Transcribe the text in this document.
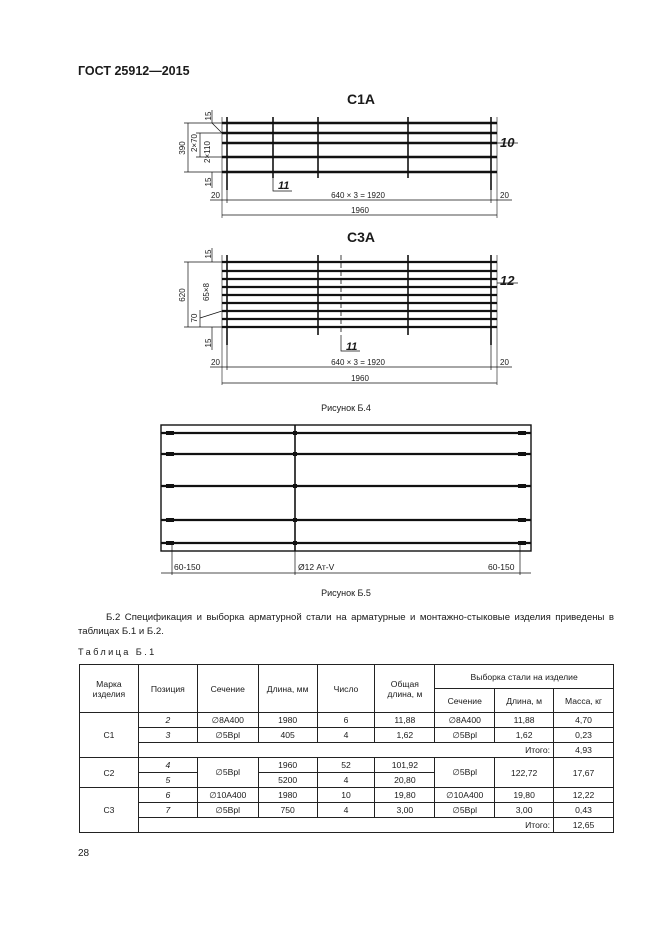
ГОСТ 25912—2015
С1А
15
390 2×70 2×110
15
10
11
20	640 × 3 = 1920	20
1960
С3А
15
620 65×8
70
15
12
11
20	640 × 3 = 1920	20
1960
Рисунок Б.4
60-150	Ø12 Ат-V	60-150
Рисунок Б.5
Б.2 Спецификация и выборка арматурной стали на арматурные и монтажно-стыковые изделия приведены в таблицах Б.1 и Б.2.
Таблица Б.1
Марка изделия	Позиция	Сечение	Длина, мм	Число	Общая длина, м	Выборка стали на изделие		
						Сечение	Длина, м	Масса, кг
С1	2	∅8А400	1980	6	11,88	∅8А400	11,88	4,70
	3	∅5Bpl	405	4	1,62	∅5Bpl	1,62	0,23
	Итого:							4,93
С2	4	∅5Bpl	1960	52	101,92	∅5Bpl	122,72	17,67
	5		5200	4	20,80			
С3	6	∅10А400	1980	10	19,80	∅10А400	19,80	12,22
	7	∅5Bpl	750	4	3,00	∅5Bpl	3,00	0,43
	Итого:							12,65
28
